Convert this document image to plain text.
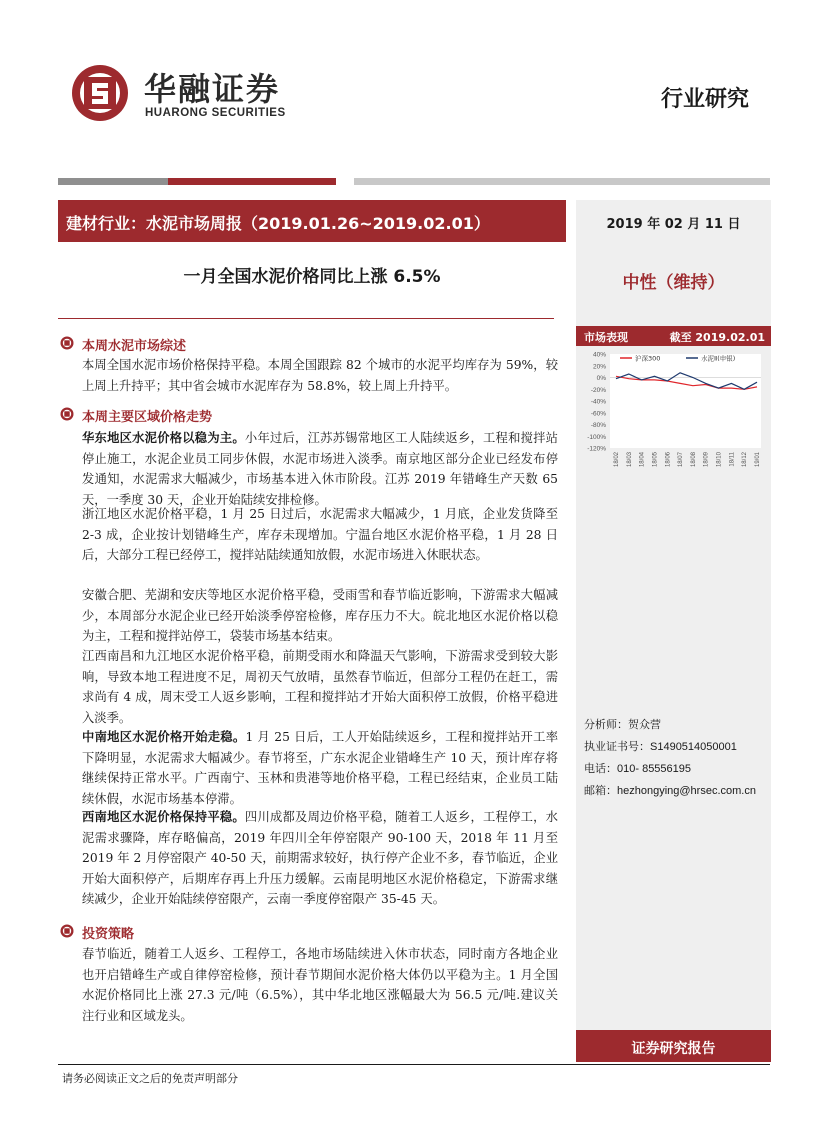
华融证券
HUARONG SECURITIES
行业研究
建材行业：水泥市场周报（2019.01.26~2019.02.01）	2019 年 02 月 11 日
一月全国水泥价格同比上涨 6.5%	中性（维持）
市场表现	截至 2019.02.01
40%
20%
0%
-20%
-40%
-60%
-80%
-100%
-120%
18/02 18/03 18/04 18/05 18/06 18/07 18/08 18/09 18/10 18/11 18/12 19/01
沪深300	水泥Ⅱ(申银)
分析师：贺众营
执业证书号：S1490514050001
电话：010- 85556195
邮箱：hezhongying@hrsec.com.cn
证券研究报告
本周水泥市场综述
本周全国水泥市场价格保持平稳。本周全国跟踪 82 个城市的水泥平均库存为 59%，较上周上升持平；其中省会城市水泥库存为 58.8%，较上周上升持平。
本周主要区域价格走势
华东地区水泥价格以稳为主。小年过后，江苏苏锡常地区工人陆续返乡，工程和搅拌站停止施工，水泥企业员工同步休假，水泥市场进入淡季。南京地区部分企业已经发布停发通知，水泥需求大幅减少，市场基本进入休市阶段。江苏 2019 年错峰生产天数 65 天，一季度 30 天，企业开始陆续安排检修。
浙江地区水泥价格平稳，1 月 25 日过后，水泥需求大幅减少，1 月底，企业发货降至 2-3 成，企业按计划错峰生产，库存未现增加。宁温台地区水泥价格平稳，1 月 28 日后，大部分工程已经停工，搅拌站陆续通知放假，水泥市场进入休眠状态。
安徽合肥、芜湖和安庆等地区水泥价格平稳，受雨雪和春节临近影响，下游需求大幅减少，本周部分水泥企业已经开始淡季停窑检修，库存压力不大。皖北地区水泥价格以稳为主，工程和搅拌站停工，袋装市场基本结束。
江西南昌和九江地区水泥价格平稳，前期受雨水和降温天气影响，下游需求受到较大影响，导致本地工程进度不足，周初天气放晴，虽然春节临近，但部分工程仍在赶工，需求尚有 4 成，周末受工人返乡影响，工程和搅拌站才开始大面积停工放假，价格平稳进入淡季。
中南地区水泥价格开始走稳。1 月 25 日后，工人开始陆续返乡，工程和搅拌站开工率下降明显，水泥需求大幅减少。春节将至，广东水泥企业错峰生产 10 天，预计库存将继续保持正常水平。广西南宁、玉林和贵港等地价格平稳，工程已经结束，企业员工陆续休假，水泥市场基本停滞。
西南地区水泥价格保持平稳。四川成都及周边价格平稳，随着工人返乡，工程停工，水泥需求骤降，库存略偏高，2019 年四川全年停窑限产 90-100 天，2018 年 11 月至 2019 年 2 月停窑限产 40-50 天，前期需求较好，执行停产企业不多，春节临近，企业开始大面积停产，后期库存再上升压力缓解。云南昆明地区水泥价格稳定，下游需求继续减少，企业开始陆续停窑限产，云南一季度停窑限产 35-45 天。
投资策略
春节临近，随着工人返乡、工程停工，各地市场陆续进入休市状态，同时南方各地企业也开启错峰生产或自律停窑检修，预计春节期间水泥价格大体仍以平稳为主。1 月全国水泥价格同比上涨 27.3 元/吨（6.5%），其中华北地区涨幅最大为 56.5 元/吨.建议关注行业和区域龙头。
请务必阅读正文之后的免责声明部分
